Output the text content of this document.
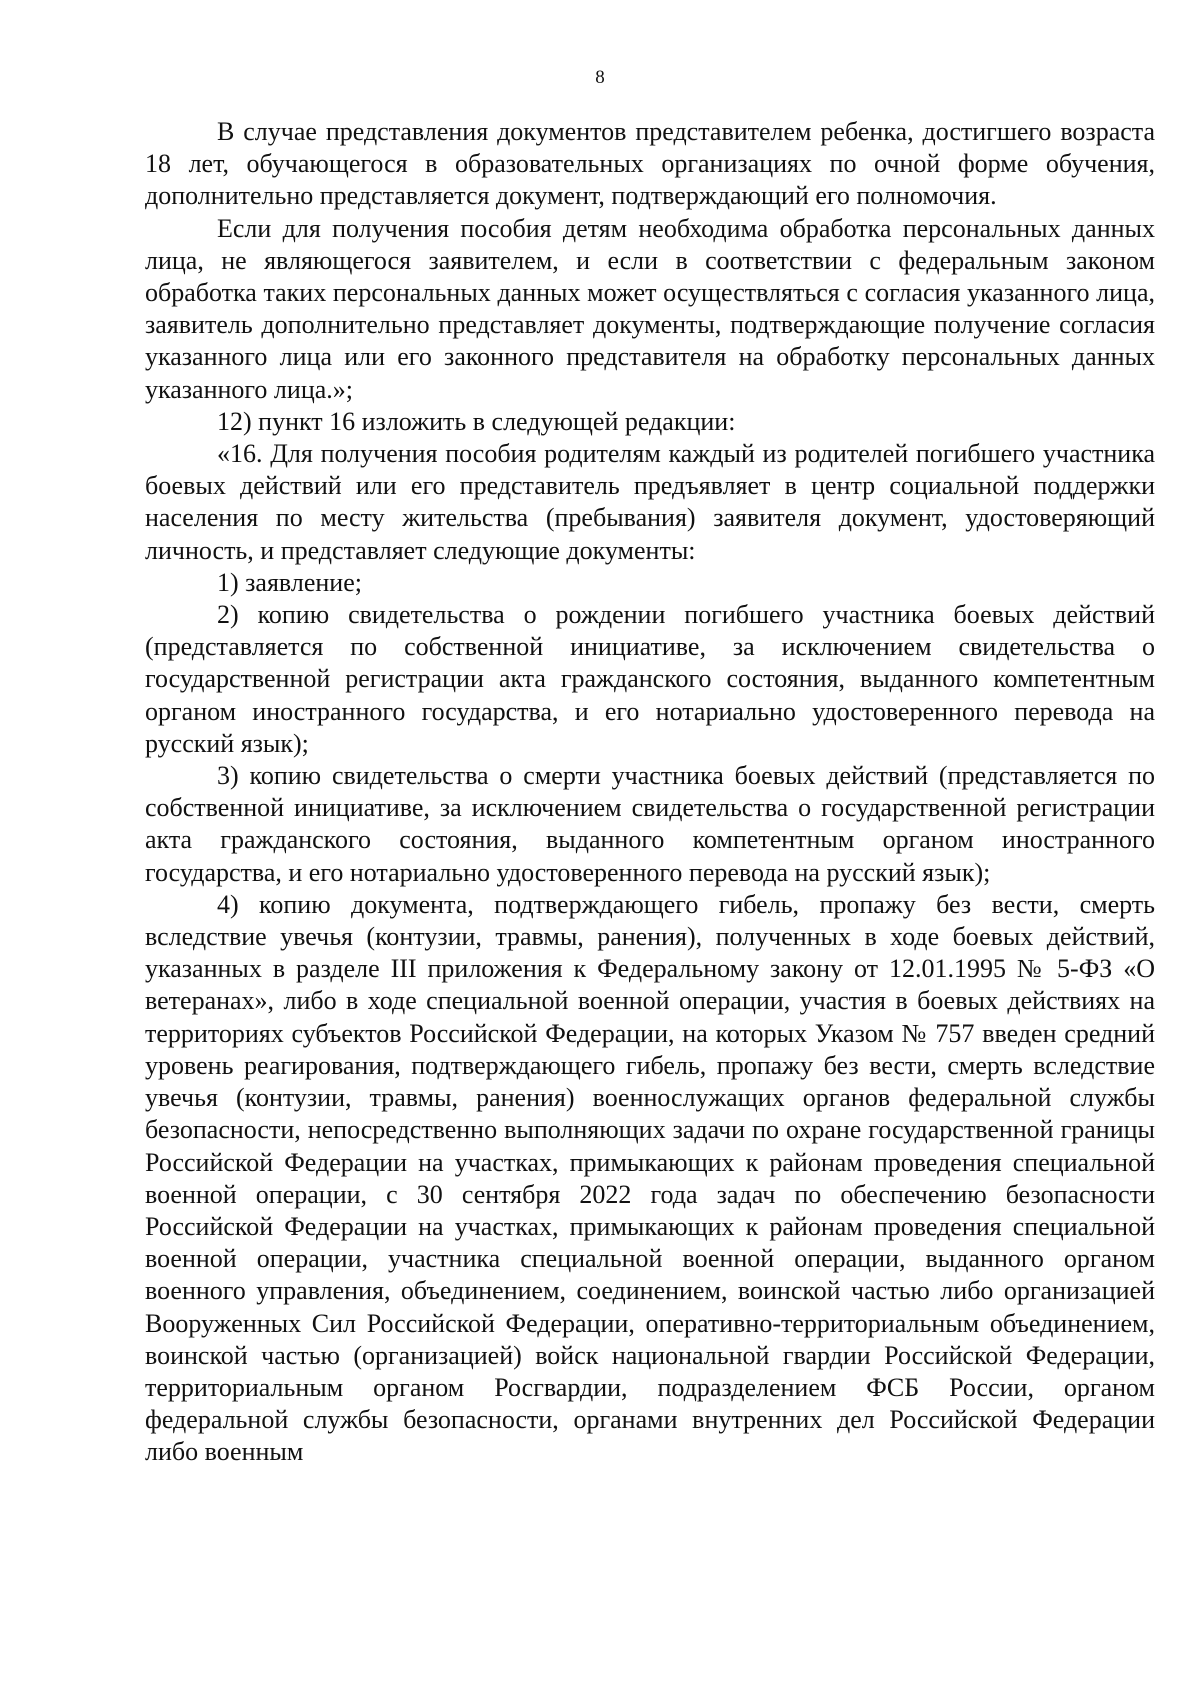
8

В случае представления документов представителем ребенка, достигшего возраста 18 лет, обучающегося в образовательных организациях по очной форме обучения, дополнительно представляется документ, подтверждающий его полномочия.

Если для получения пособия детям необходима обработка персональных данных лица, не являющегося заявителем, и если в соответствии с федеральным законом обработка таких персональных данных может осуществляться с согласия указанного лица, заявитель дополнительно представляет документы, подтверждающие получение согласия указанного лица или его законного представителя на обработку персональных данных указанного лица.»;

12) пункт 16 изложить в следующей редакции:

«16. Для получения пособия родителям каждый из родителей погибшего участника боевых действий или его представитель предъявляет в центр социальной поддержки населения по месту жительства (пребывания) заявителя документ, удостоверяющий личность, и представляет следующие документы:

1) заявление;

2) копию свидетельства о рождении погибшего участника боевых действий (представляется по собственной инициативе, за исключением свидетельства о государственной регистрации акта гражданского состояния, выданного компетентным органом иностранного государства, и его нотариально удостоверенного перевода на русский язык);

3) копию свидетельства о смерти участника боевых действий (представляется по собственной инициативе, за исключением свидетельства о государственной регистрации акта гражданского состояния, выданного компетентным органом иностранного государства, и его нотариально удостоверенного перевода на русский язык);

4) копию документа, подтверждающего гибель, пропажу без вести, смерть вследствие увечья (контузии, травмы, ранения), полученных в ходе боевых действий, указанных в разделе III приложения к Федеральному закону от 12.01.1995 № 5-ФЗ «О ветеранах», либо в ходе специальной военной операции, участия в боевых действиях на территориях субъектов Российской Федерации, на которых Указом № 757 введен средний уровень реагирования, подтверждающего гибель, пропажу без вести, смерть вследствие увечья (контузии, травмы, ранения) военнослужащих органов федеральной службы безопасности, непосредственно выполняющих задачи по охране государственной границы Российской Федерации на участках, примыкающих к районам проведения специальной военной операции, с 30 сентября 2022 года задач по обеспечению безопасности Российской Федерации на участках, примыкающих к районам проведения специальной военной операции, участника специальной военной операции, выданного органом военного управления, объединением, соединением, воинской частью либо организацией Вооруженных Сил Российской Федерации, оперативно-территориальным объединением, воинской частью (организацией) войск национальной гвардии Российской Федерации, территориальным органом Росгвардии, подразделением ФСБ России, органом федеральной службы безопасности, органами внутренних дел Российской Федерации либо военным
